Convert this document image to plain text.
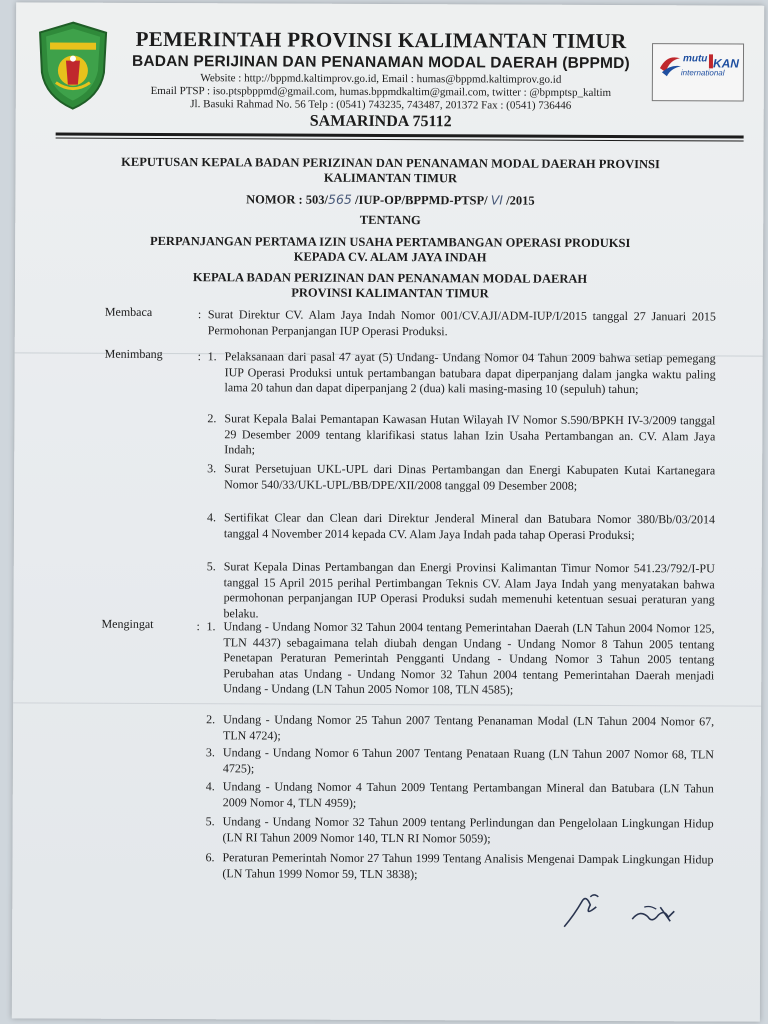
mutu
international
KAN
PEMERINTAH PROVINSI KALIMANTAN TIMUR
BADAN PERIJINAN DAN PENANAMAN MODAL DAERAH (BPPMD)
Website : http://bppmd.kaltimprov.go.id, Email : humas@bppmd.kaltimprov.go.id
Email PTSP : iso.ptspbppmd@gmail.com, humas.bppmdkaltim@gmail.com, twitter : @bpmptsp_kaltim
Jl. Basuki Rahmad No. 56 Telp : (0541) 743235, 743487, 201372 Fax : (0541) 736446
SAMARINDA 75112
KEPUTUSAN KEPALA BADAN PERIZINAN DAN PENANAMAN MODAL DAERAH PROVINSI
KALIMANTAN TIMUR
NOMOR : 503/565 /IUP-OP/BPPMD-PTSP/ VI /2015
TENTANG
PERPANJANGAN PERTAMA IZIN USAHA PERTAMBANGAN OPERASI PRODUKSI
KEPADA CV. ALAM JAYA INDAH
KEPALA BADAN PERIZINAN DAN PENANAMAN MODAL DAERAH
PROVINSI KALIMANTAN TIMUR
Membaca	: Surat Direktur CV. Alam Jaya Indah Nomor 001/CV.AJI/ADM-IUP/I/2015 tanggal 27 Januari 2015 Permohonan Perpanjangan IUP Operasi Produksi.
Menimbang	: 1. Pelaksanaan dari pasal 47 ayat (5) Undang- Undang Nomor 04 Tahun 2009 bahwa setiap pemegang IUP Operasi Produksi untuk pertambangan batubara dapat diperpanjang dalam jangka waktu paling lama 20 tahun dan dapat diperpanjang 2 (dua) kali masing-masing 10 (sepuluh) tahun;
2. Surat Kepala Balai Pemantapan Kawasan Hutan Wilayah IV Nomor S.590/BPKH IV-3/2009 tanggal 29 Desember 2009 tentang klarifikasi status lahan Izin Usaha Pertambangan an. CV. Alam Jaya Indah;
3. Surat Persetujuan UKL-UPL dari Dinas Pertambangan dan Energi Kabupaten Kutai Kartanegara Nomor 540/33/UKL-UPL/BB/DPE/XII/2008 tanggal 09 Desember 2008;
4. Sertifikat Clear dan Clean dari Direktur Jenderal Mineral dan Batubara Nomor 380/Bb/03/2014 tanggal 4 November 2014 kepada CV. Alam Jaya Indah pada tahap Operasi Produksi;
5. Surat Kepala Dinas Pertambangan dan Energi Provinsi Kalimantan Timur Nomor 541.23/792/I-PU tanggal 15 April 2015 perihal Pertimbangan Teknis CV. Alam Jaya Indah yang menyatakan bahwa permohonan perpanjangan IUP Operasi Produksi sudah memenuhi ketentuan sesuai peraturan yang belaku.
Mengingat	: 1. Undang - Undang Nomor 32 Tahun 2004 tentang Pemerintahan Daerah (LN Tahun 2004 Nomor 125, TLN 4437) sebagaimana telah diubah dengan Undang - Undang Nomor 8 Tahun 2005 tentang Penetapan Peraturan Pemerintah Pengganti Undang - Undang Nomor 3 Tahun 2005 tentang Perubahan atas Undang - Undang Nomor 32 Tahun 2004 tentang Pemerintahan Daerah menjadi Undang - Undang (LN Tahun 2005 Nomor 108, TLN 4585);
2. Undang - Undang Nomor 25 Tahun 2007 Tentang Penanaman Modal (LN Tahun 2004 Nomor 67, TLN 4724);
3. Undang - Undang Nomor 6 Tahun 2007 Tentang Penataan Ruang (LN Tahun 2007 Nomor 68, TLN 4725);
4. Undang - Undang Nomor 4 Tahun 2009 Tentang Pertambangan Mineral dan Batubara (LN Tahun 2009 Nomor 4, TLN 4959);
5. Undang - Undang Nomor 32 Tahun 2009 tentang Perlindungan dan Pengelolaan Lingkungan Hidup (LN RI Tahun 2009 Nomor 140, TLN RI Nomor 5059);
6. Peraturan Pemerintah Nomor 27 Tahun 1999 Tentang Analisis Mengenai Dampak Lingkungan Hidup (LN Tahun 1999 Nomor 59, TLN 3838);
